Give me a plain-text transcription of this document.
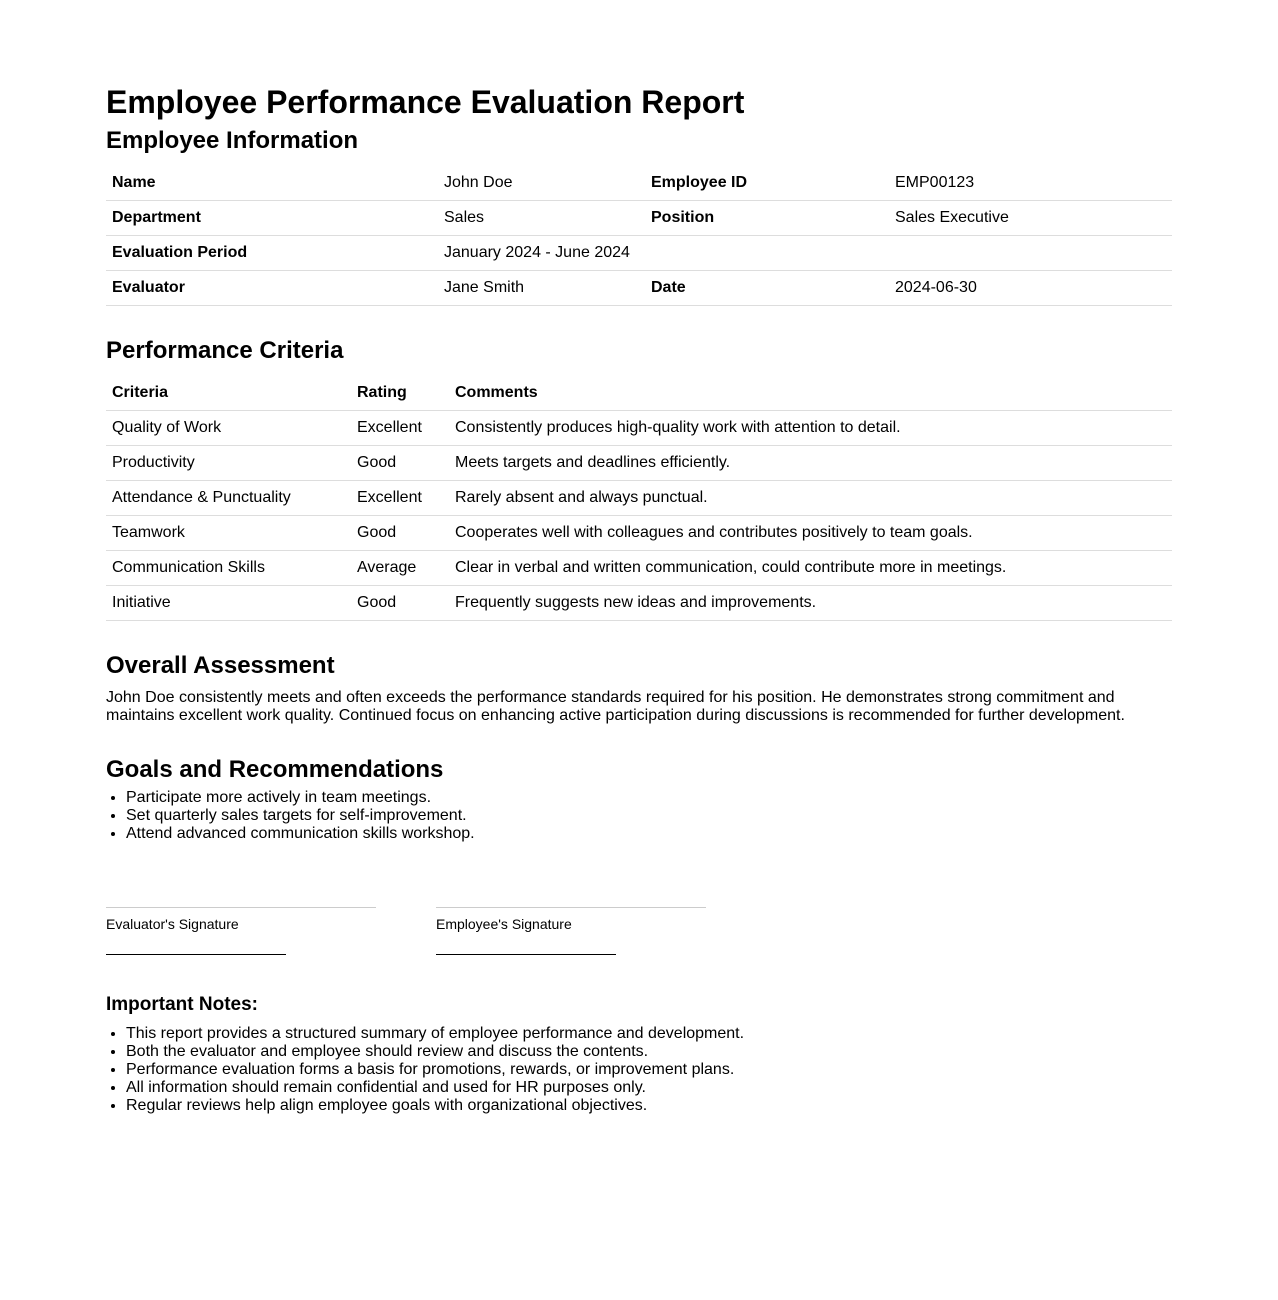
Employee Performance Evaluation Report
Employee Information
Name	John Doe	Employee ID	EMP00123
Department	Sales	Position	Sales Executive
Evaluation Period	January 2024 - June 2024		
Evaluator	Jane Smith	Date	2024-06-30
Performance Criteria
Criteria	Rating	Comments
Quality of Work	Excellent	Consistently produces high-quality work with attention to detail.
Productivity	Good	Meets targets and deadlines efficiently.
Attendance & Punctuality	Excellent	Rarely absent and always punctual.
Teamwork	Good	Cooperates well with colleagues and contributes positively to team goals.
Communication Skills	Average	Clear in verbal and written communication, could contribute more in meetings.
Initiative	Good	Frequently suggests new ideas and improvements.
Overall Assessment

John Doe consistently meets and often exceeds the performance standards required for his position. He demonstrates strong commitment and maintains excellent work quality. Continued focus on enhancing active participation during discussions is recommended for further development.

Goals and Recommendations
• Participate more actively in team meetings.
• Set quarterly sales targets for self-improvement.
• Attend advanced communication skills workshop.
Evaluator's Signature	Employee's Signature
Important Notes:
• This report provides a structured summary of employee performance and development.
• Both the evaluator and employee should review and discuss the contents.
• Performance evaluation forms a basis for promotions, rewards, or improvement plans.
• All information should remain confidential and used for HR purposes only.
• Regular reviews help align employee goals with organizational objectives.
